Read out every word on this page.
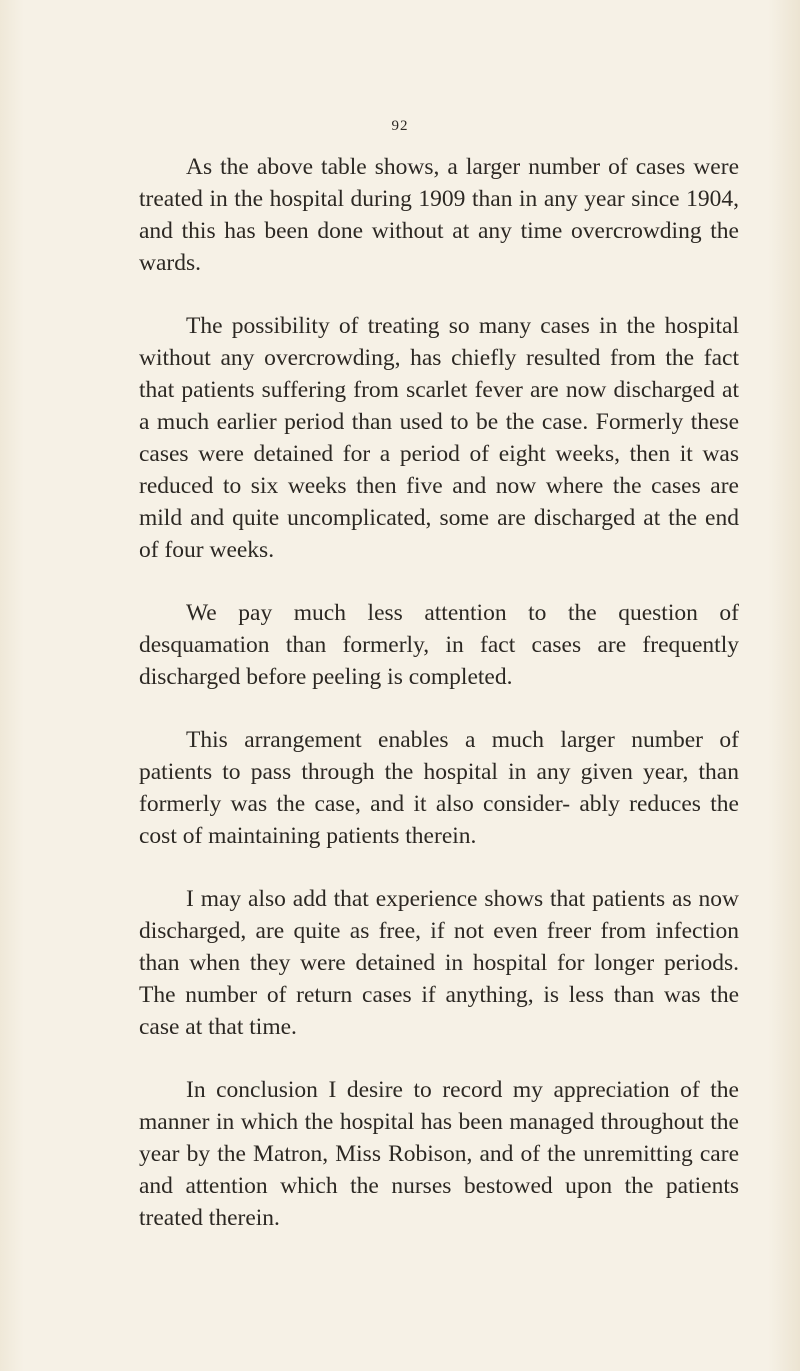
92

As the above table shows, a larger number of cases were treated in the hospital during 1909 than in any year since 1904, and this has been done without at any time overcrowding the wards.

The possibility of treating so many cases in the hospital without any overcrowding, has chiefly resulted from the fact that patients suffering from scarlet fever are now discharged at a much earlier period than used to be the case. Formerly these cases were detained for a period of eight weeks, then it was reduced to six weeks then five and now where the cases are mild and quite uncomplicated, some are discharged at the end of four weeks.

We pay much less attention to the question of desquamation than formerly, in fact cases are frequently discharged before peeling is completed.

This arrangement enables a much larger number of patients to pass through the hospital in any given year, than formerly was the case, and it also consider- ably reduces the cost of maintaining patients therein.

I may also add that experience shows that patients as now discharged, are quite as free, if not even freer from infection than when they were detained in hospital for longer periods. The number of return cases if anything, is less than was the case at that time.

In conclusion I desire to record my appreciation of the manner in which the hospital has been managed throughout the year by the Matron, Miss Robison, and of the unremitting care and attention which the nurses bestowed upon the patients treated therein.
